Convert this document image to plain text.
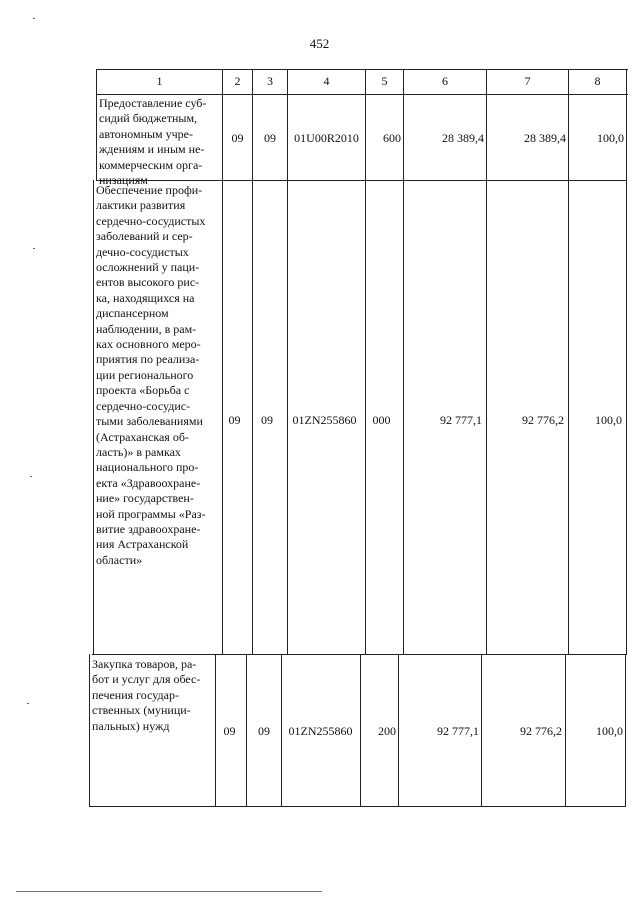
452
1	2	3	4	5	6	7	8
Предоставление суб-
сидий бюджетным,
автономным учре-
ждениям и иным не-
коммерческим орга-
низациям
09	09	01U00R2010	600	28 389,4	28 389,4	100,0
Обеспечение профи-
лактики развития
сердечно-сосудистых
заболеваний и сер-
дечно-сосудистых
осложнений у паци-
ентов высокого рис-
ка, находящихся на
диспансерном
наблюдении, в рам-
ках основного меро-
приятия по реализа-
ции регионального
проекта «Борьба с
сердечно-сосудис-
тыми заболеваниями
(Астраханская об-
ласть)» в рамках
национального про-
екта «Здравоохране-
ние» государствен-
ной программы «Раз-
витие здравоохране-
ния Астраханской
области»
09	09	01ZN255860	000	92 777,1	92 776,2	100,0
Закупка товаров, ра-
бот и услуг для обес-
печения государ-
ственных (муници-
пальных) нужд	09	09	01ZN255860	200	92 777,1	92 776,2	100,0
